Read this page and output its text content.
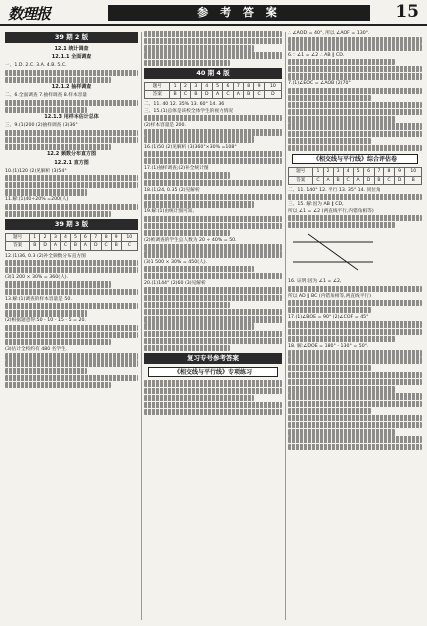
数理报	参 考 答 案	15
39 期 2 版
12.1 统计调查
12.1.1 全面调查
一、1.D. 2.C. 3.A. 4.B. 5.C.
12.1.2 抽样调查
二、6.全面调查 7.抽样调查 8.样本容量
12.1.3 用样本估计总体
三、9.(1)200 (2)抽样调查 (3)36°
12.2 频数分布直方图
12.2.1 直方图
10.(1)120 (2)见解析 (3)54°
11.解:(1)40÷20% =200(人)
39 期 3 版
题号	1	2	3	4	5	6	7	8	9	10
答案	B	D	A	C	B	A	D	C	B	C
12.(1)36, 0.3 (2)补全频数分布直方图
(3)1 200 × 30% = 360(人).
13.解:(1)调查的样本容量是 50.
(2)根据题意得:50 - 10 - 15 - 5 = 20.
(3)估计全校约有 480 名学生.
40 期 4 版
题号	1	2	3	4	5	6	7	8	9	10
答案	B	C	B	D	A	C	A	B	C	D
二、11. 40 12. 35% 13. 60° 14. 36
三、15.(1)总体是该校全体学生的视力情况
(2)样本容量是 200.
16.(1)50 (2)见解析 (3)360°×30% =108°
17.(1)抽样调查;(2)补全统计图
18.(1)24, 0.35 (2)见解析
19.解:(1)由统计图可知,
(2)被调查的学生总人数为 20 ÷ 40% = 50.
(3)1 500 × 30% = 450(人).
20.(1)144° (2)60 (3)见解析
复习专号参考答案
《相交线与平行线》专项练习
∴ ∠AOD = 40°, 所以 ∠AOF = 130°.
6.∵ ∠1 = ∠2 ∴ AB ∥ CD.
7.(1)∠EOC = ∠AOB (2)70°
《相交线与平行线》综合评估卷
题号	1	2	3	4	5	6	7	8	9	10
答案	C	A	B	C	A	D	B	C	D	B
二、11. 140° 12. 平行 13. 35° 14. 同位角
三、15. 解:因为 AB ∥ CD,
所以 ∠1 = ∠2 (两直线平行,内错角相等)
16. 证明:因为 ∠1 = ∠2,
所以 AD ∥ BC (内错角相等,两直线平行)
17.(1)∠BOE = 90° (2)∠COF = 45°
18. 解:∠DOE = 180° - 130° = 50°.
